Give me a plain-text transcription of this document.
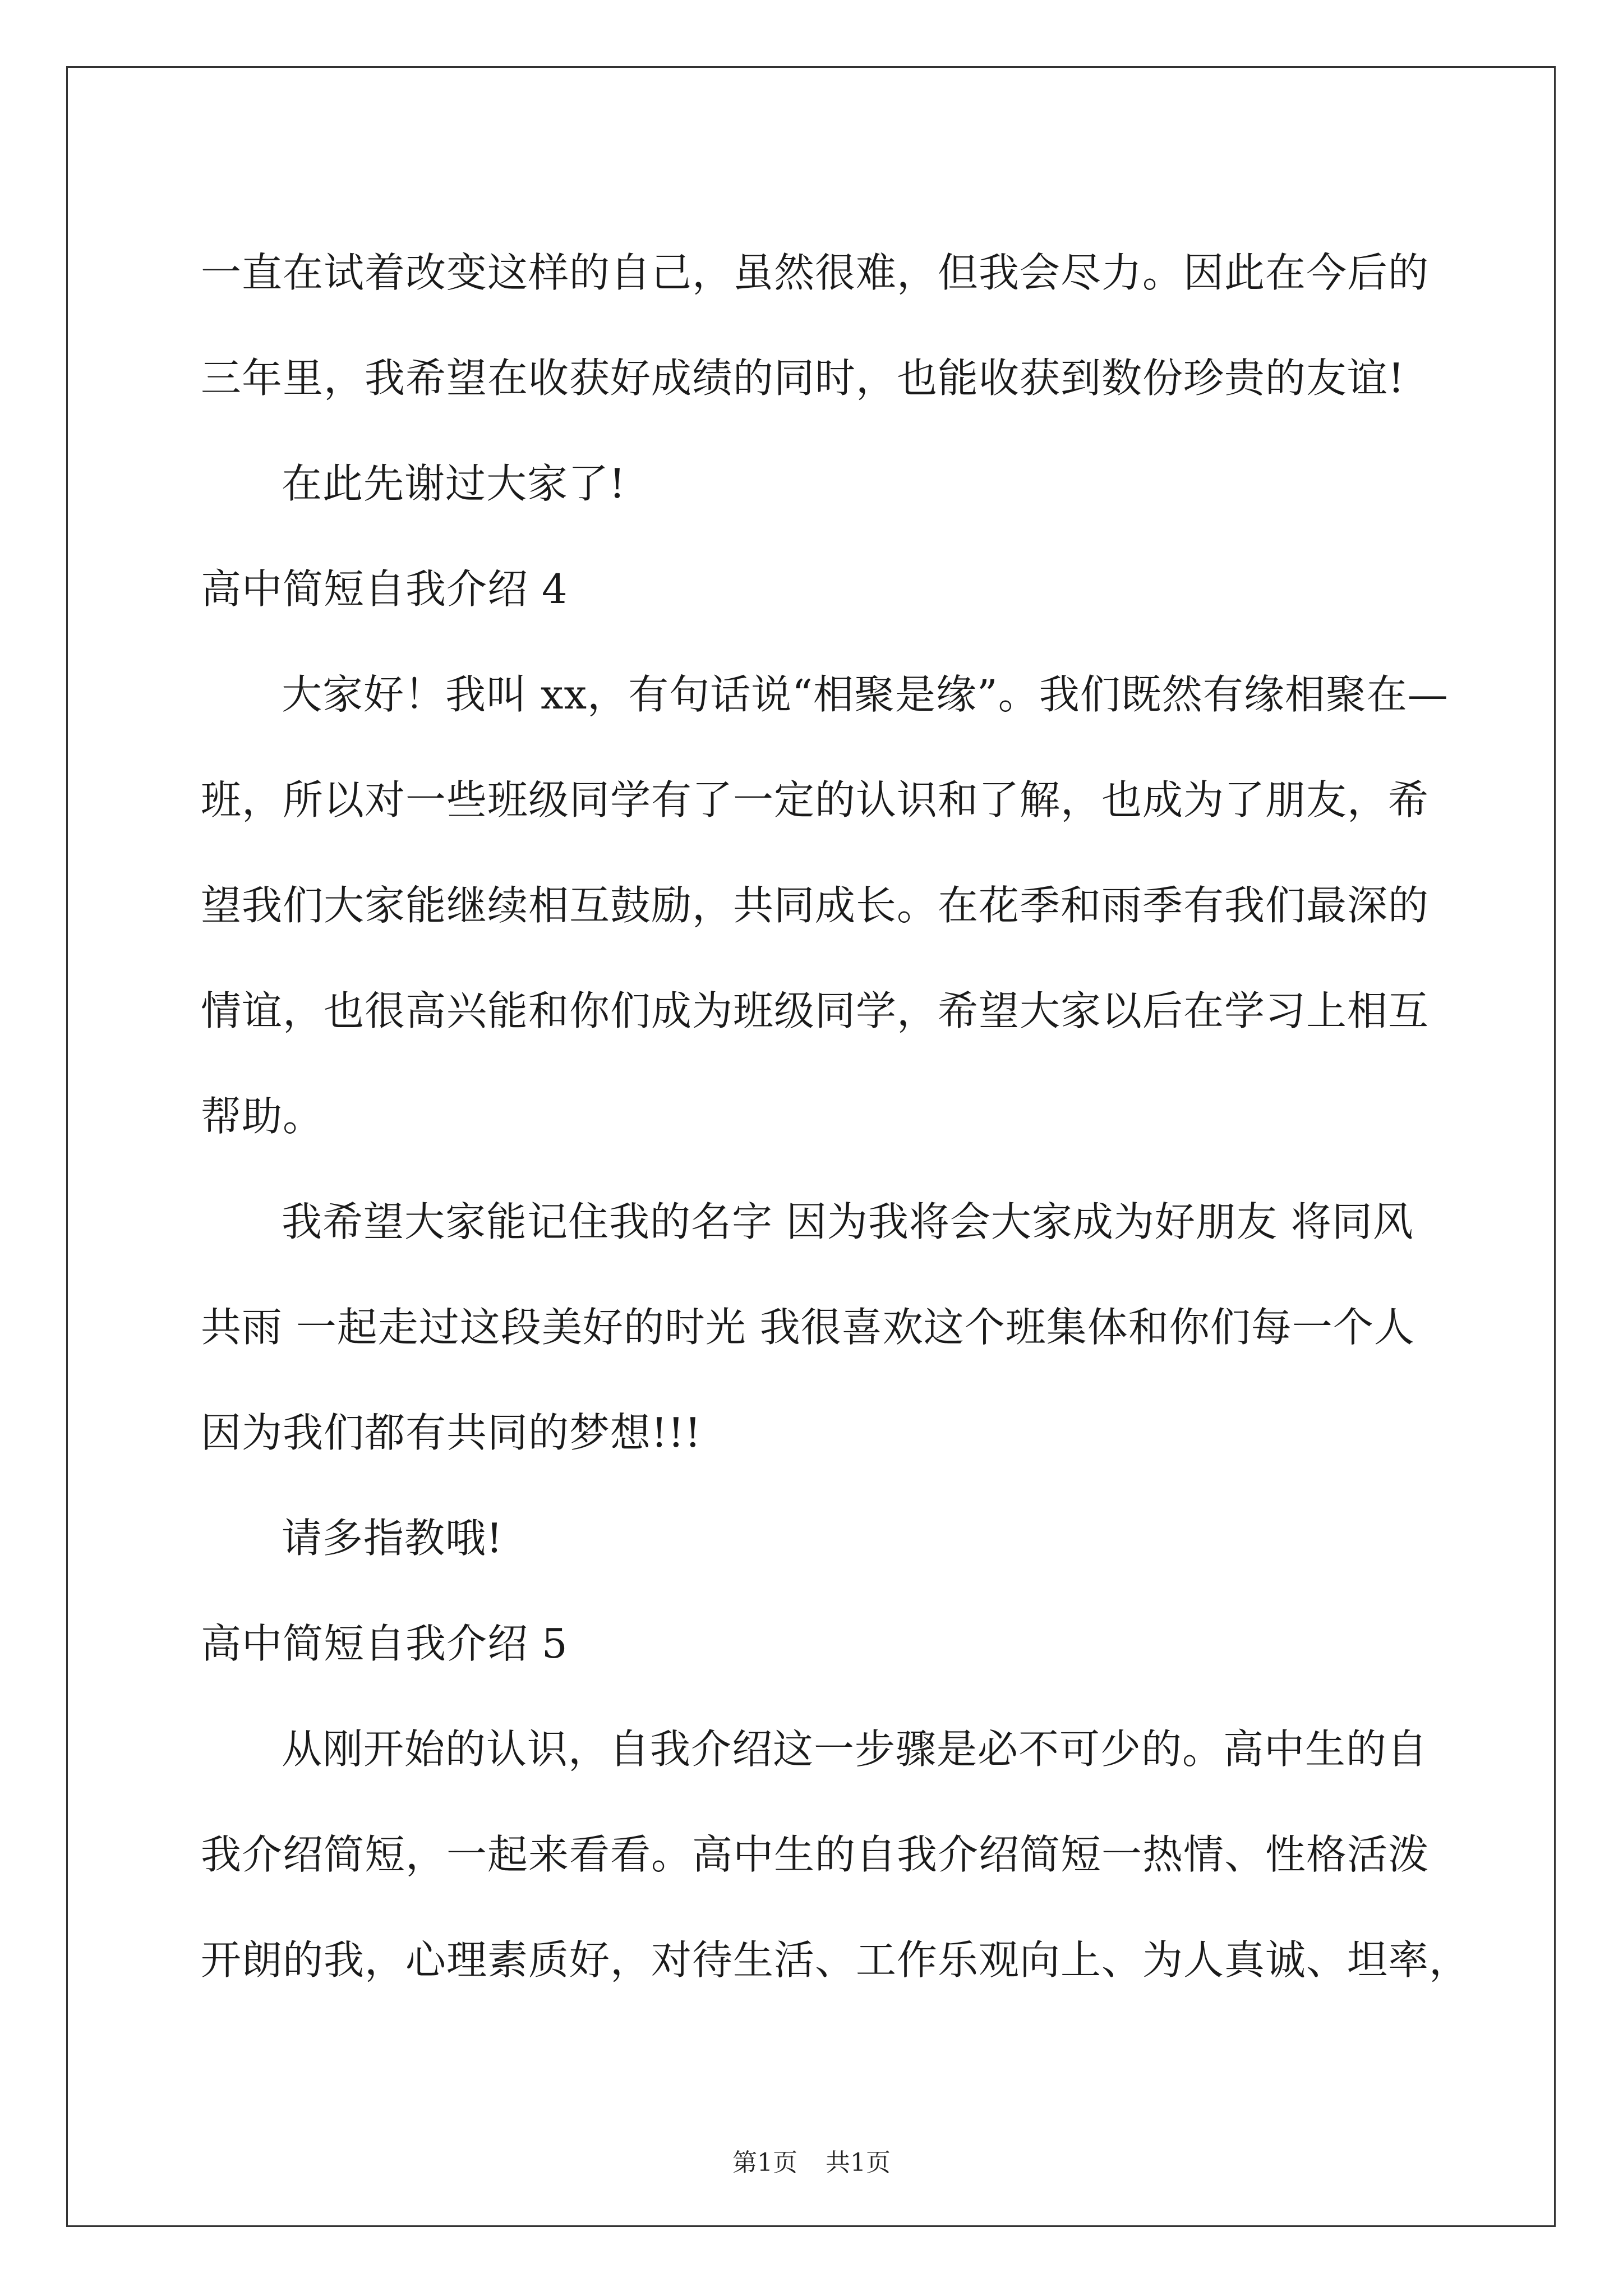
一直在试着改变这样的自己，虽然很难，但我会尽力。因此在今后的
三年里，我希望在收获好成绩的同时，也能收获到数份珍贵的友谊!
在此先谢过大家了!
高中简短自我介绍 4
大家好！我叫 xx，有句话说“相聚是缘”。我们既然有缘相聚在—
班，所以对一些班级同学有了一定的认识和了解，也成为了朋友，希
望我们大家能继续相互鼓励，共同成长。在花季和雨季有我们最深的
情谊，也很高兴能和你们成为班级同学，希望大家以后在学习上相互
帮助。
我希望大家能记住我的名字 因为我将会大家成为好朋友 将同风
共雨 一起走过这段美好的时光 我很喜欢这个班集体和你们每一个人
因为我们都有共同的梦想!!!
请多指教哦!
高中简短自我介绍 5
从刚开始的认识，自我介绍这一步骤是必不可少的。高中生的自
我介绍简短，一起来看看。高中生的自我介绍简短一热情、性格活泼
开朗的我，心理素质好，对待生活、工作乐观向上、为人真诚、坦率，
第1页 共1页
